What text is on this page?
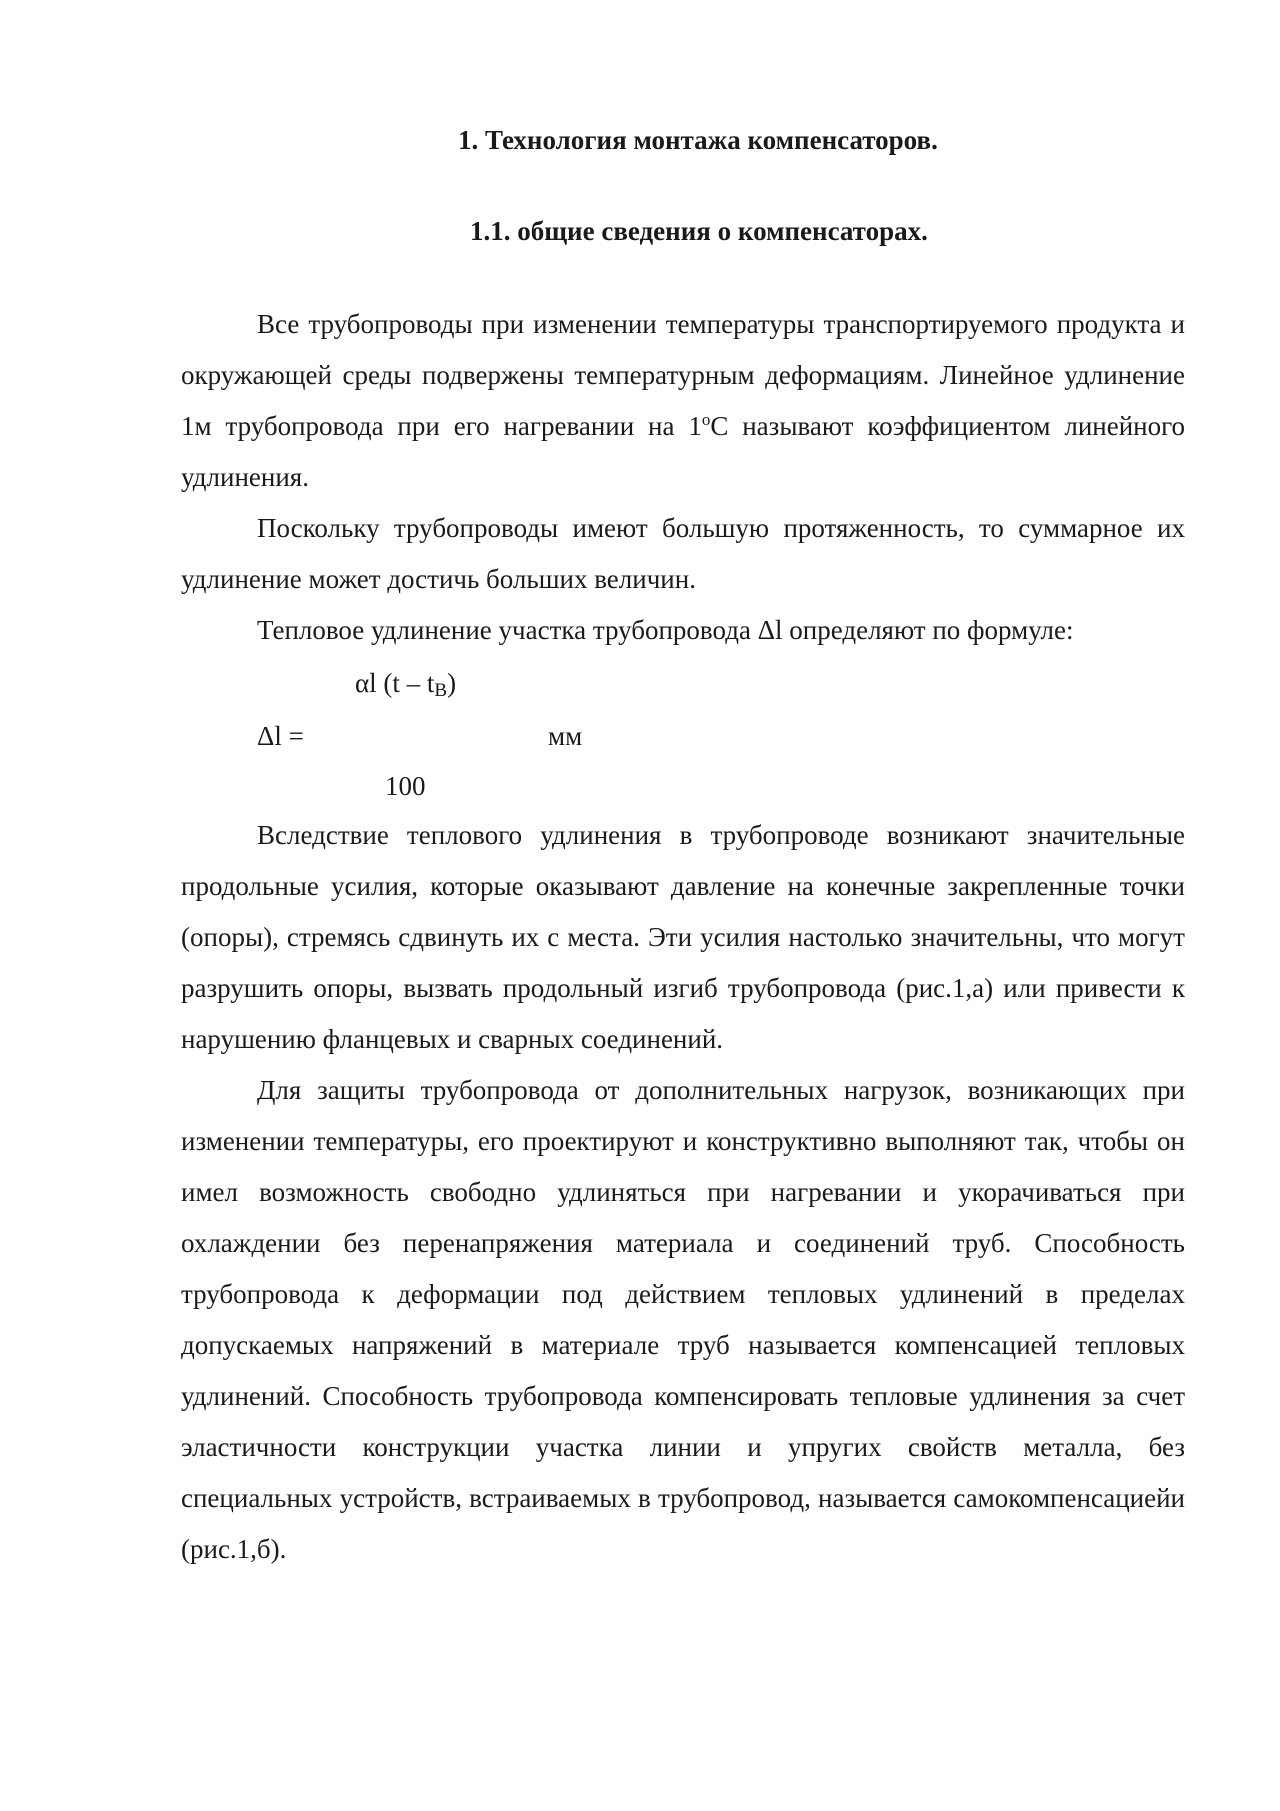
1. Технология монтажа компенсаторов.
1.1. общие сведения о компенсаторах.

Все трубопроводы при изменении температуры транспортируемого продукта и окружающей среды подвержены температурным деформациям. Линейное удлинение 1м трубопровода при его нагревании на $1^оС$ называют коэффициентом линейного удлинения.

Поскольку трубопроводы имеют большую протяженность, то суммарное их удлинение может достичь больших величин.

Тепловое удлинение участка трубопровода Δl определяют по формуле:

αl $(t - t_В)$
Δl =	мм
100

Вследствие теплового удлинения в трубопроводе возникают значительные продольные усилия, которые оказывают давление на конечные закрепленные точки (опоры), стремясь сдвинуть их с места. Эти усилия настолько значительны, что могут разрушить опоры, вызвать продольный изгиб трубопровода (рис.1,а) или привести к нарушению фланцевых и сварных соединений.

Для защиты трубопровода от дополнительных нагрузок, возникающих при изменении температуры, его проектируют и конструктивно выполняют так, чтобы он имел возможность свободно удлиняться при нагревании и укорачиваться при охлаждении без перенапряжения материала и соединений труб. Способность трубопровода к деформации под действием тепловых удлинений в пределах допускаемых напряжений в материале труб называется компенсацией тепловых удлинений. Способность трубопровода компенсировать тепловые удлинения за счет эластичности конструкции участка линии и упругих свойств металла, без специальных устройств, встраиваемых в трубопровод, называется самокомпенсациейи (рис.1,б).
